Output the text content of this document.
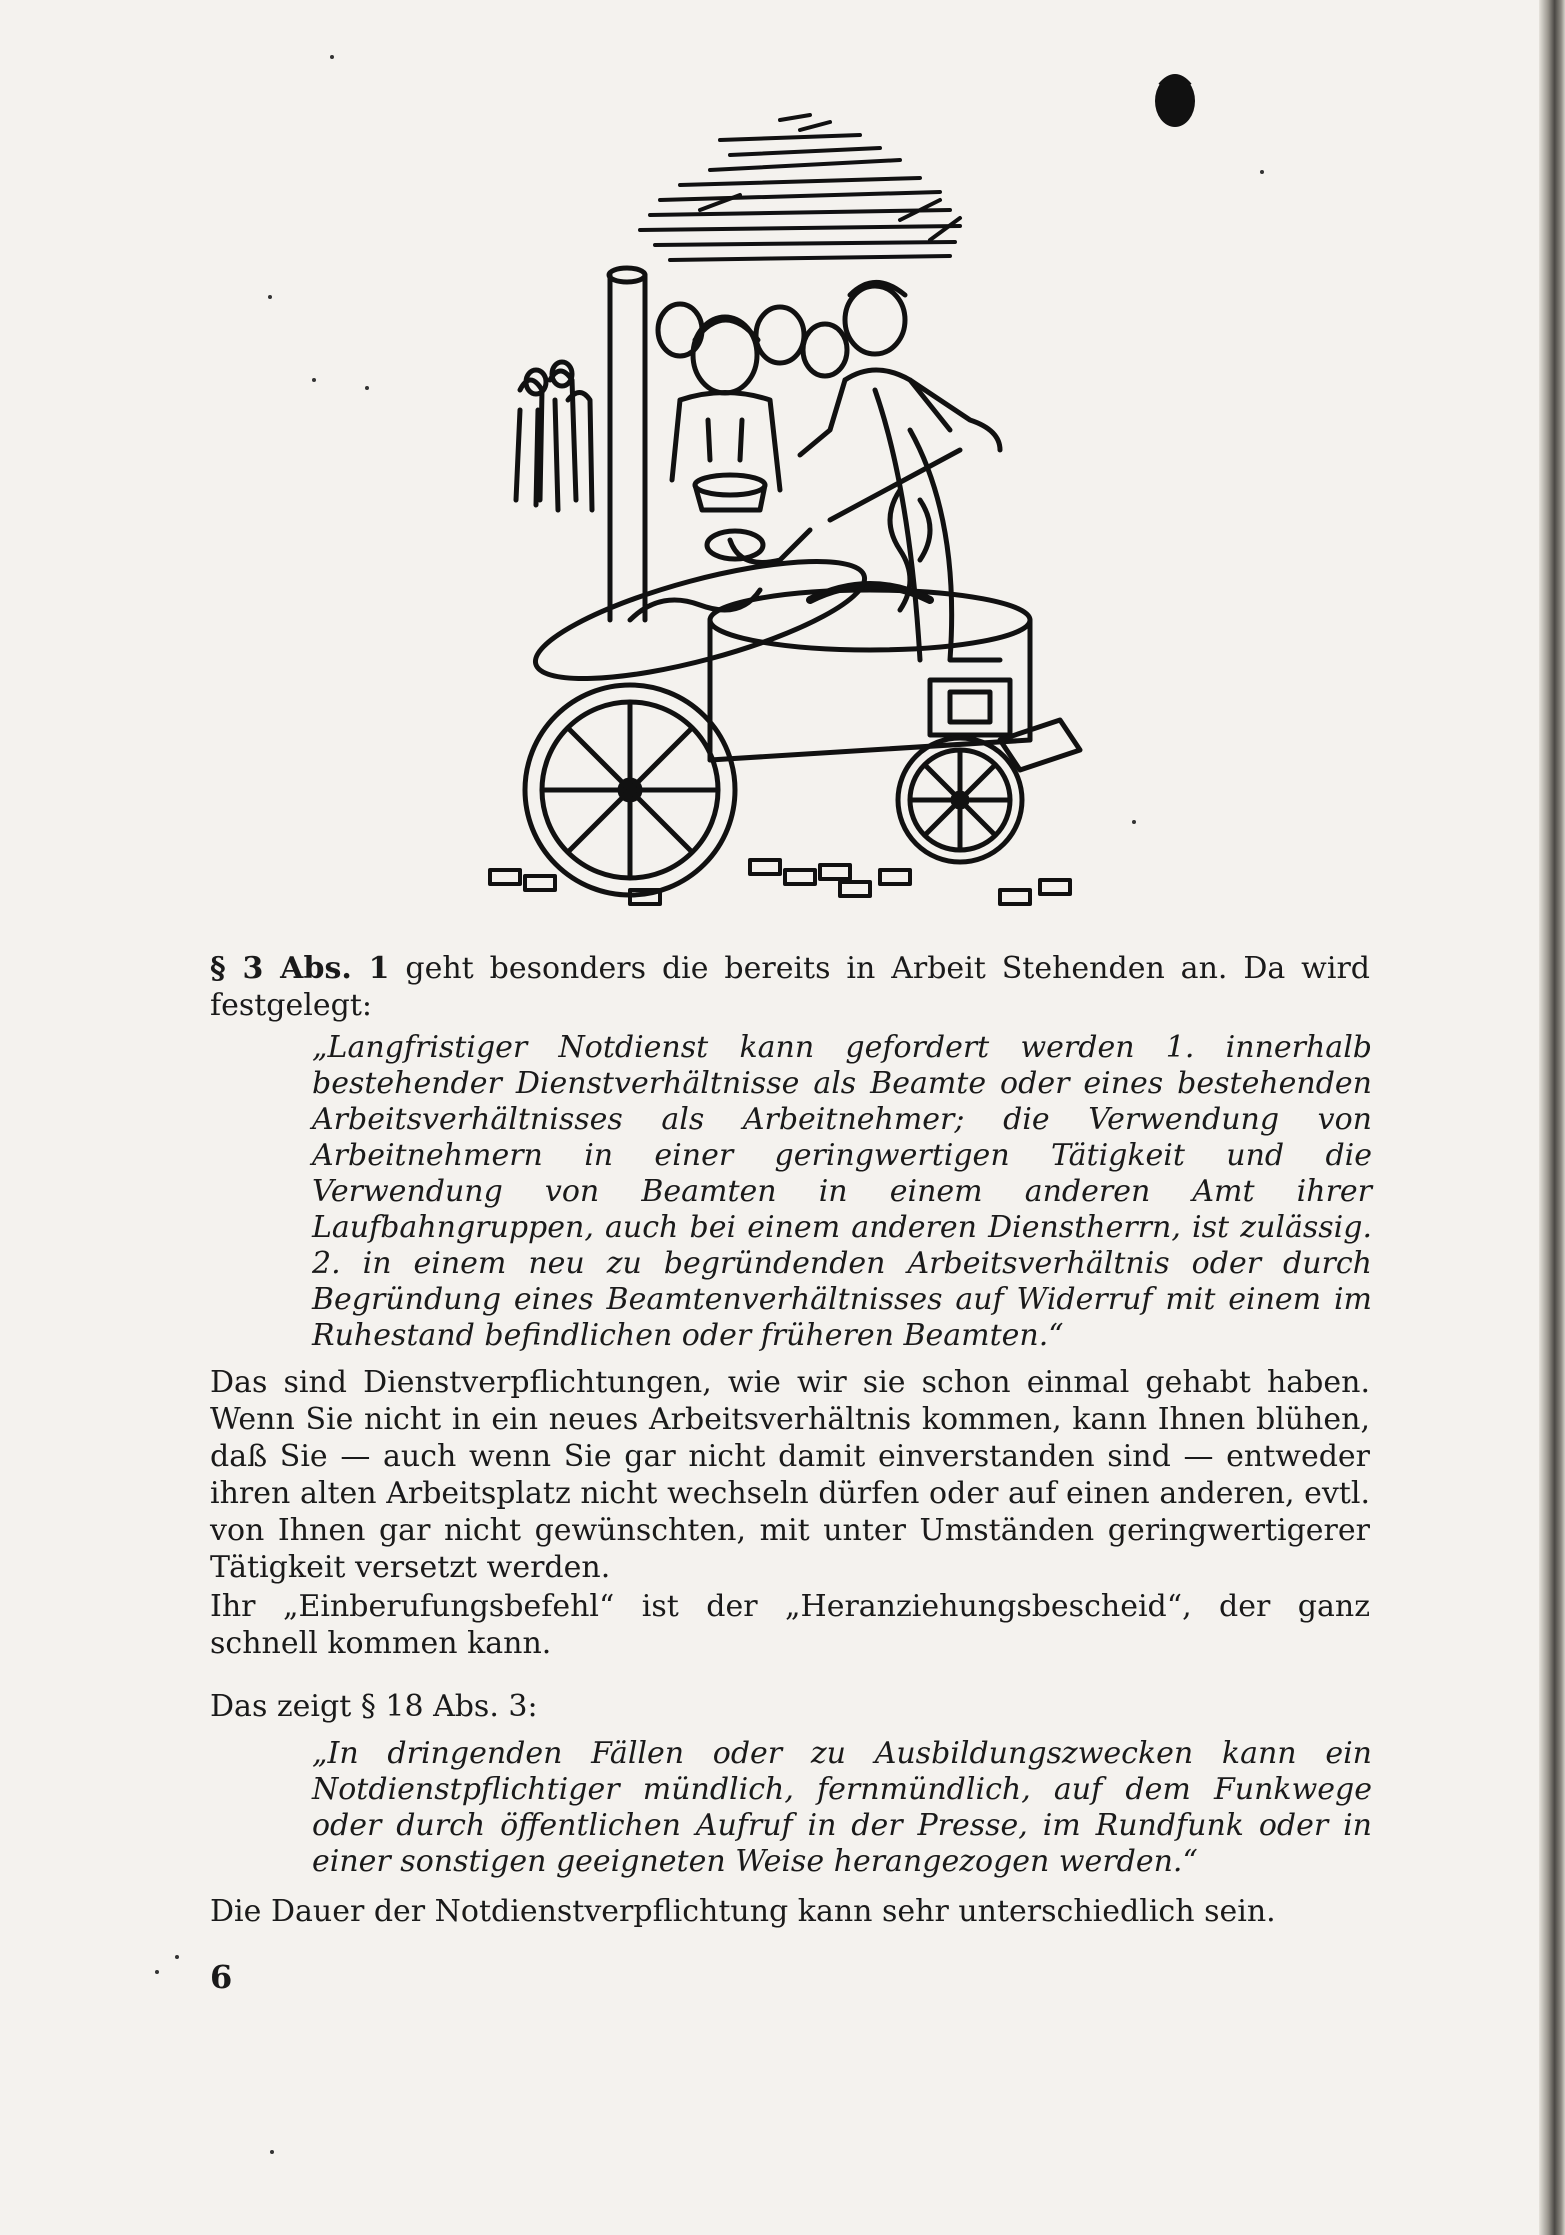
§ 3 Abs. 1 geht besonders die bereits in Arbeit Stehenden an. Da wird festgelegt:
„Langfristiger Notdienst kann gefordert werden 1. innerhalb bestehender Dienstverhältnisse als Beamte oder eines bestehenden Arbeitsverhältnisses als Arbeitnehmer; die Verwendung von Arbeitnehmern in einer geringwertigen Tätigkeit und die Verwendung von Beamten in einem anderen Amt ihrer Laufbahngruppen, auch bei einem anderen Dienstherrn, ist zulässig. 2. in einem neu zu begründenden Arbeitsverhältnis oder durch Begründung eines Beamtenverhältnisses auf Widerruf mit einem im Ruhestand befindlichen oder früheren Beamten.“
Das sind Dienstverpflichtungen, wie wir sie schon einmal gehabt haben. Wenn Sie nicht in ein neues Arbeitsverhältnis kommen, kann Ihnen blühen, daß Sie — auch wenn Sie gar nicht damit einverstanden sind — entweder ihren alten Arbeitsplatz nicht wechseln dürfen oder auf einen anderen, evtl. von Ihnen gar nicht gewünschten, mit unter Umständen geringwertigerer Tätigkeit versetzt werden.
Ihr „Einberufungsbefehl“ ist der „Heranziehungsbescheid“, der ganz schnell kommen kann.
Das zeigt § 18 Abs. 3:
„In dringenden Fällen oder zu Ausbildungszwecken kann ein Notdienstpflichtiger mündlich, fernmündlich, auf dem Funkwege oder durch öffentlichen Aufruf in der Presse, im Rundfunk oder in einer sonstigen geeigneten Weise herangezogen werden.“
Die Dauer der Notdienstverpflichtung kann sehr unterschiedlich sein.
6
